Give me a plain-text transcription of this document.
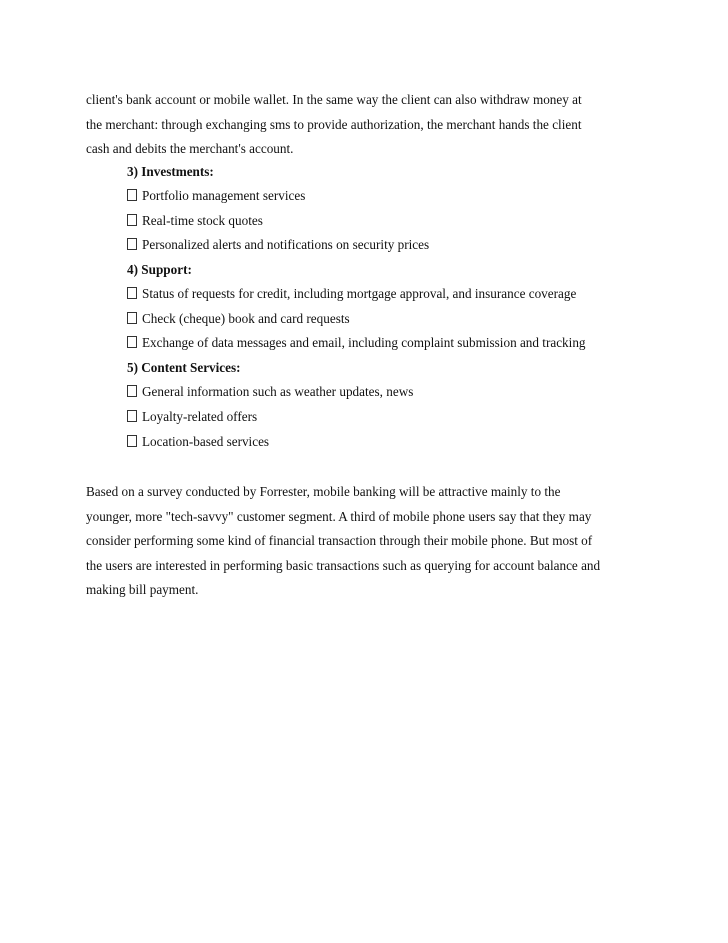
client's bank account or mobile wallet. In the same way the client can also withdraw money at
the merchant: through exchanging sms to provide authorization, the merchant hands the client
cash and debits the merchant's account.
3) Investments:
Portfolio management services
Real-time stock quotes
Personalized alerts and notifications on security prices
4) Support:
Status of requests for credit, including mortgage approval, and insurance coverage
Check (cheque) book and card requests
Exchange of data messages and email, including complaint submission and tracking
5) Content Services:
General information such as weather updates, news
Loyalty-related offers
Location-based services
Based on a survey conducted by Forrester, mobile banking will be attractive mainly to the
younger, more "tech-savvy" customer segment. A third of mobile phone users say that they may
consider performing some kind of financial transaction through their mobile phone. But most of
the users are interested in performing basic transactions such as querying for account balance and
making bill payment.
